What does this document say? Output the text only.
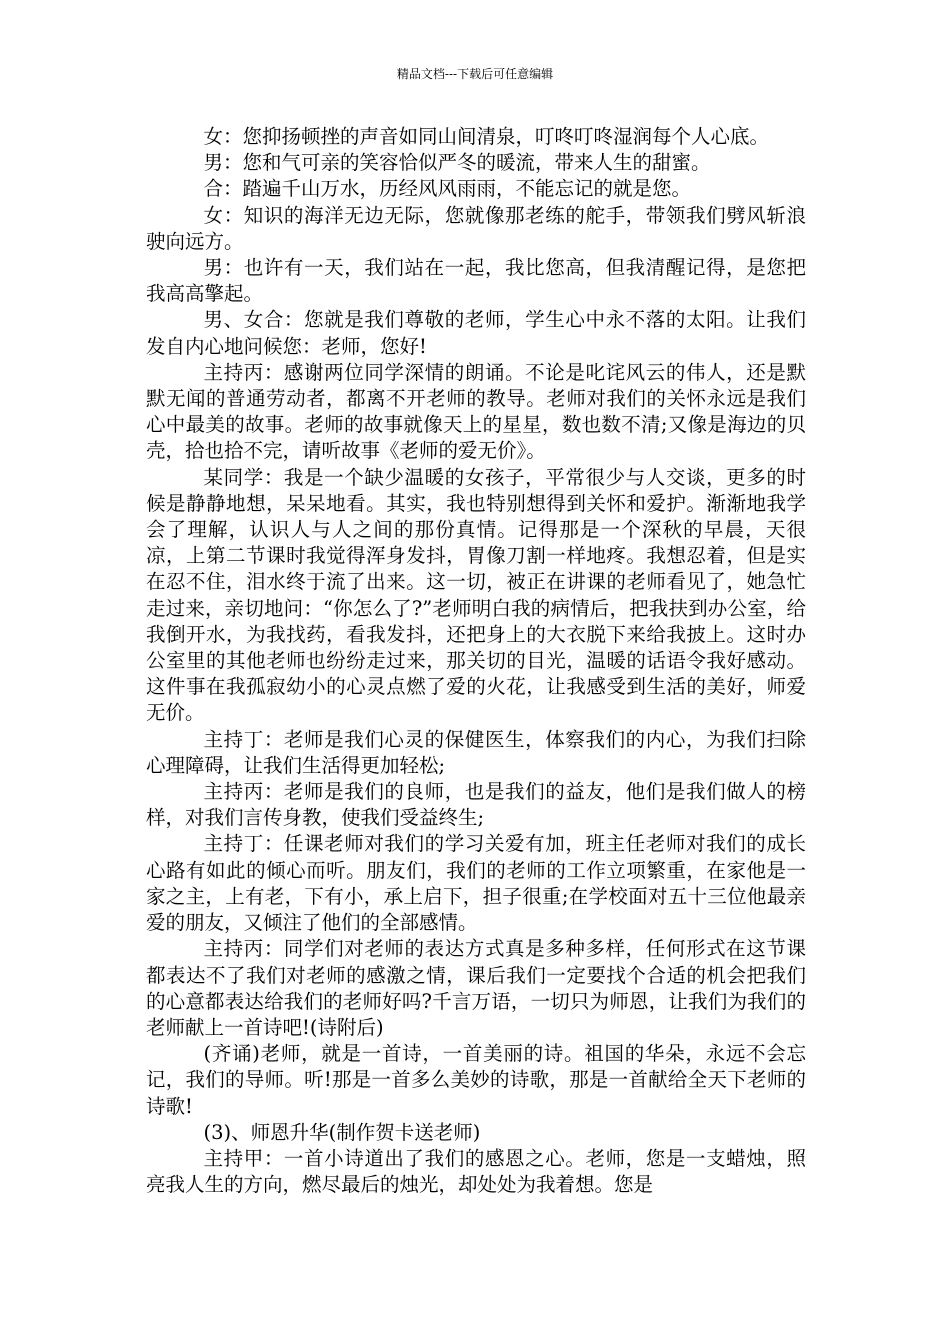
精品文档---下载后可任意编辑

女：您抑扬顿挫的声音如同山间清泉，叮咚叮咚湿润每个人心底。

男：您和气可亲的笑容恰似严冬的暖流，带来人生的甜蜜。

合：踏遍千山万水，历经风风雨雨，不能忘记的就是您。

女：知识的海洋无边无际，您就像那老练的舵手，带领我们劈风斩浪驶向远方。

男：也许有一天，我们站在一起，我比您高，但我清醒记得，是您把我高高擎起。

男、女合：您就是我们尊敬的老师，学生心中永不落的太阳。让我们发自内心地问候您：老师，您好!

主持丙：感谢两位同学深情的朗诵。不论是叱诧风云的伟人，还是默默无闻的普通劳动者，都离不开老师的教导。老师对我们的关怀永远是我们心中最美的故事。老师的故事就像天上的星星，数也数不清;又像是海边的贝壳，拾也拾不完，请听故事《老师的爱无价》。

某同学：我是一个缺少温暖的女孩子，平常很少与人交谈，更多的时候是静静地想，呆呆地看。其实，我也特别想得到关怀和爱护。渐渐地我学会了理解，认识人与人之间的那份真情。记得那是一个深秋的早晨，天很凉，上第二节课时我觉得浑身发抖，胃像刀割一样地疼。我想忍着，但是实在忍不住，泪水终于流了出来。这一切，被正在讲课的老师看见了，她急忙走过来，亲切地问：“你怎么了?”老师明白我的病情后，把我扶到办公室，给我倒开水，为我找药，看我发抖，还把身上的大衣脱下来给我披上。这时办公室里的其他老师也纷纷走过来，那关切的目光，温暖的话语令我好感动。这件事在我孤寂幼小的心灵点燃了爱的火花，让我感受到生活的美好，师爱无价。

主持丁：老师是我们心灵的保健医生，体察我们的内心，为我们扫除心理障碍，让我们生活得更加轻松;

主持丙：老师是我们的良师，也是我们的益友，他们是我们做人的榜样，对我们言传身教，使我们受益终生;

主持丁：任课老师对我们的学习关爱有加，班主任老师对我们的成长心路有如此的倾心而听。朋友们，我们的老师的工作立项繁重，在家他是一家之主，上有老，下有小，承上启下，担子很重;在学校面对五十三位他最亲爱的朋友，又倾注了他们的全部感情。

主持丙：同学们对老师的表达方式真是多种多样，任何形式在这节课都表达不了我们对老师的感激之情，课后我们一定要找个合适的机会把我们的心意都表达给我们的老师好吗?千言万语，一切只为师恩，让我们为我们的老师献上一首诗吧!(诗附后)

(齐诵)老师，就是一首诗，一首美丽的诗。祖国的华朵，永远不会忘记，我们的导师。听!那是一首多么美妙的诗歌，那是一首献给全天下老师的诗歌!

(3)、师恩升华(制作贺卡送老师)

主持甲：一首小诗道出了我们的感恩之心。老师，您是一支蜡烛，照亮我人生的方向，燃尽最后的烛光，却处处为我着想。您是
